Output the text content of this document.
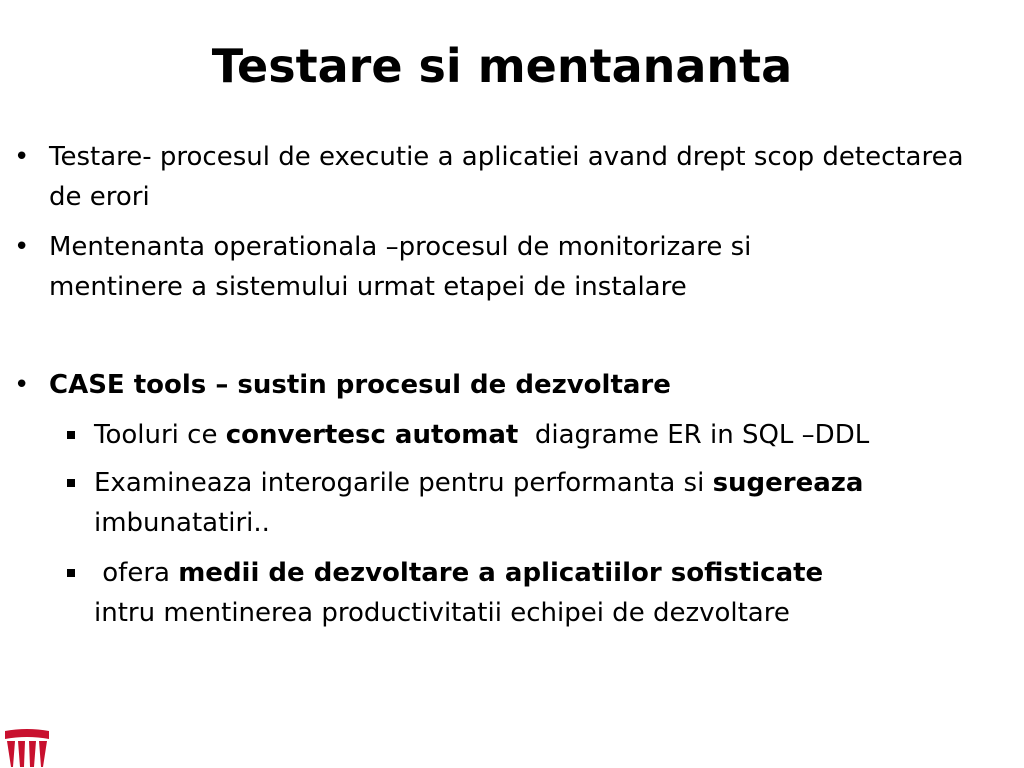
Testare si mentananta
• Testare- procesul de executie a aplicatiei avand drept scop detectarea de erori
• Mentenanta operationala –procesul de monitorizare si mentinere a sistemului urmat etapei de instalare
• CASE tools – sustin procesul de dezvoltare
Tooluri ce convertesc automat  diagrame ER in SQL –DDL
Examineaza interogarile pentru performanta si sugereaza
imbunatatiri..
ofera medii de dezvoltare a aplicatiilor sofisticate
intru mentinerea productivitatii echipei de dezvoltare
